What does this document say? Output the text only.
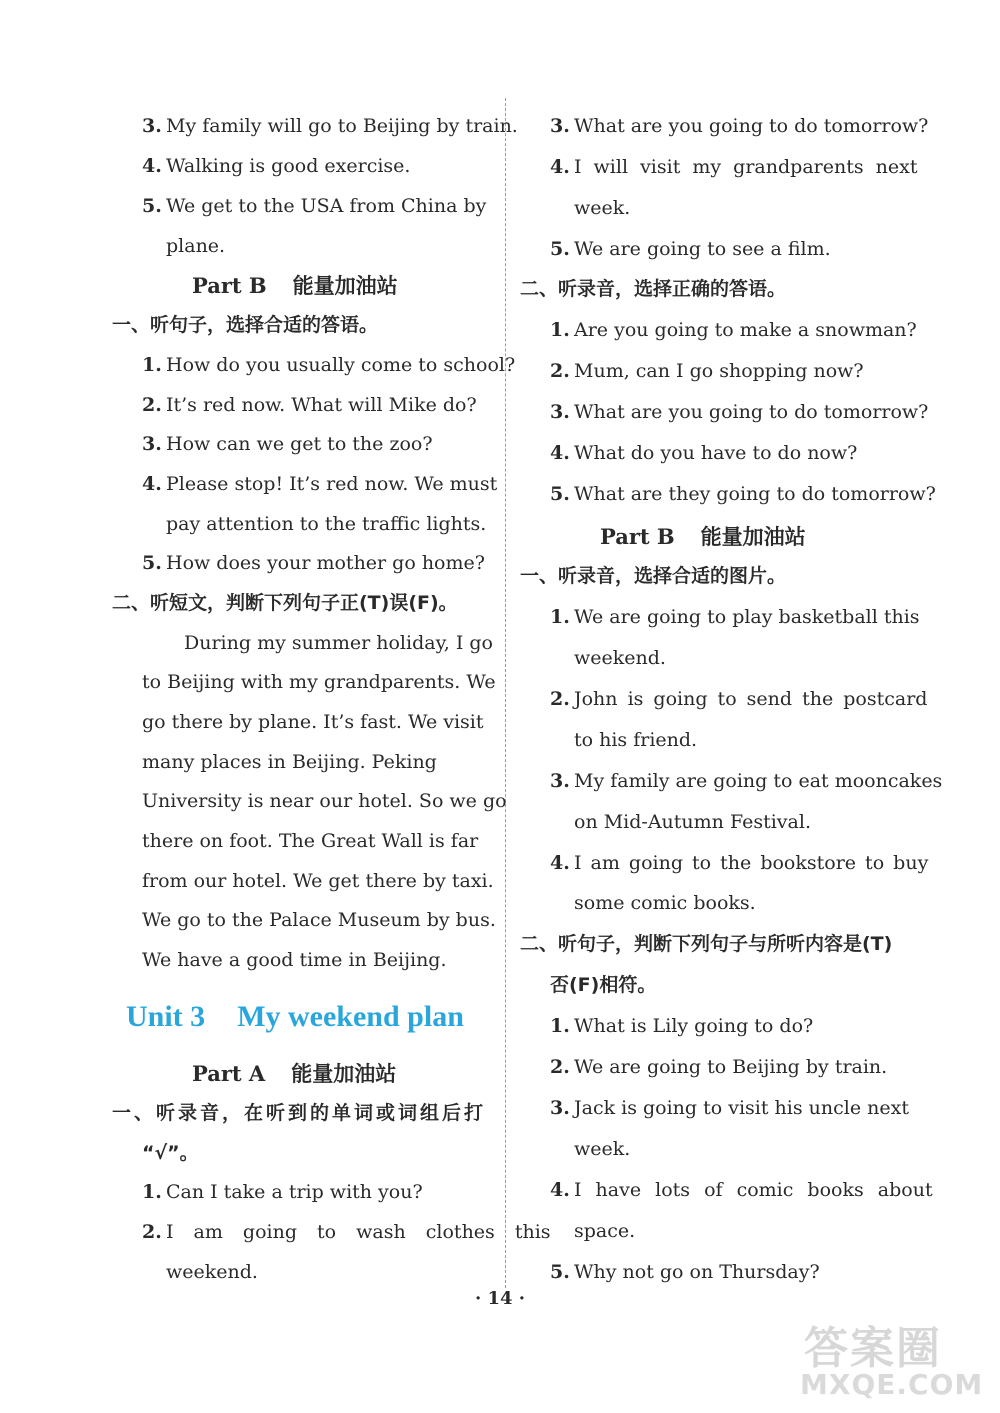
3. My family will go to Beijing by train.
4. Walking is good exercise.
5. We get to the USA from China by
plane.
Part B 能量加油站
一、听句子，选择合适的答语。
1. How do you usually come to school?
2. It’s red now. What will Mike do?
3. How can we get to the zoo?
4. Please stop! It’s red now. We must
pay attention to the traffic lights.
5. How does your mother go home?
二、听短文，判断下列句子正(T)误(F)。
During my summer holiday, I go
to Beijing with my grandparents. We
go there by plane. It’s fast. We visit
many places in Beijing. Peking
University is near our hotel. So we go
there on foot. The Great Wall is far
from our hotel. We get there by taxi.
We go to the Palace Museum by bus.
We have a good time in Beijing.
Unit 3 My weekend plan
Part A 能量加油站
一、听录音，在听到的单词或词组后打
“√”。
1. Can I take a trip with you?
2. I am going to wash clothes this
weekend.
3. What are you going to do tomorrow?
4. I will visit my grandparents next
week.
5. We are going to see a film.
二、听录音，选择正确的答语。
1. Are you going to make a snowman?
2. Mum, can I go shopping now?
3. What are you going to do tomorrow?
4. What do you have to do now?
5. What are they going to do tomorrow?
Part B 能量加油站
一、听录音，选择合适的图片。
1. We are going to play basketball this
weekend.
2. John is going to send the postcard
to his friend.
3. My family are going to eat mooncakes
on Mid-Autumn Festival.
4. I am going to the bookstore to buy
some comic books.
二、听句子，判断下列句子与所听内容是(T)
否(F)相符。
1. What is Lily going to do?
2. We are going to Beijing by train.
3. Jack is going to visit his uncle next
week.
4. I have lots of comic books about
space.
5. Why not go on Thursday?
· 14 ·
答案圈
MXQE.COM
